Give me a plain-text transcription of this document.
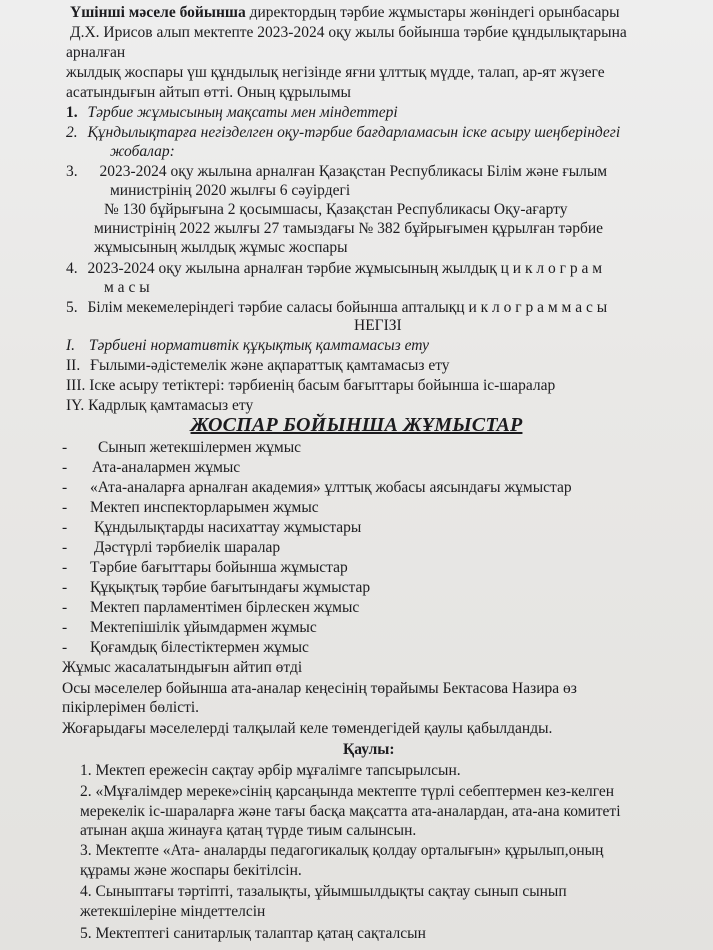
Үшінші мәселе бойынша директордың тәрбие жұмыстары жөніндегі орынбасары
Д.Х. Ирисов алып мектепте 2023-2024 оқу жылы бойынша тәрбие құндылықтарына
арналған
жылдық жоспары үш құндылық негізінде яғни ұлттық мүдде, талап, ар-ят жүзеге
асатындығын айтып өтті. Оның құрылымы
1. Тәрбие жұмысының мақсаты мен міндеттері
2. Құндылықтарға негізделген оқу-тәрбие бағдарламасын іске асыру шеңберіндегі
жобалар:
3. 2023-2024 оқу жылына арналған Қазақстан Республикасы Білім және ғылым
министрінің 2020 жылғы 6 сәуірдегі
№ 130 бұйрығына 2 қосымшасы, Қазақстан Республикасы Оқу-ағарту
министрінің 2022 жылғы 27 тамыздағы № 382 бұйрығымен құрылған тәрбие
жұмысының жылдық жұмыс жоспары
4. 2023-2024 оқу жылына арналған тәрбие жұмысының жылдық ц и к л о г р а м
м а с ы
5. Білім мекемелеріндегі тәрбие саласы бойынша апталықц и к л о г р а м м а с ы
НЕГІЗІ
I. Тәрбиені нормативтік құқықтық қамтамасыз ету
II. Ғылыми-әдістемелік және ақпараттық қамтамасыз ету
III. Іске асыру тетіктері: тәрбиенің басым бағыттары бойынша іс-шаралар
IY. Кадрлық қамтамасыз ету
ЖОСПАР БОЙЫНША ЖҰМЫСТАР
- Сынып жетекшілермен жұмыс
- Ата-аналармен жұмыс
- «Ата-аналарға арналған академия» ұлттық жобасы аясындағы жұмыстар
- Мектеп инспекторларымен жұмыс
- Құндылықтарды насихаттау жұмыстары
- Дәстүрлі тәрбиелік шаралар
- Тәрбие бағыттары бойынша жұмыстар
- Құқықтық тәрбие бағытындағы жұмыстар
- Мектеп парламентімен бірлескен жұмыс
- Мектепішілік ұйымдармен жұмыс
- Қоғамдық білестіктермен жұмыс
Жұмыс жасалатындығын айтип өтді
Осы мәселелер бойынша ата-аналар кеңесінің төрайымы Бектасова Назира өз
пікірлерімен бөлісті.
Жоғарыдағы мәселелерді талқылай келе төмендегідей қаулы қабылданды.
Қаулы:
1. Мектеп ережесін сақтау әрбір мұғалімге тапсырылсын.
2. «Мұғалімдер мереке»сінің қарсаңында мектепте түрлі себептермен кез-келген
мерекелік іс-шараларға және тағы басқа мақсатта ата-аналардан, ата-ана комитеті
атынан ақша жинауға қатаң түрде тиым салынсын.
3. Мектепте «Ата- аналарды педагогикалық қолдау орталығын» құрылып,оның
құрамы және жоспары бекітілсін.
4. Сыныптағы тәртіпті, тазалықты, ұйымшылдықты сақтау сынып сынып
жетекшілеріне міндеттелсін
5. Мектептегі санитарлық талаптар қатаң сақталсын
